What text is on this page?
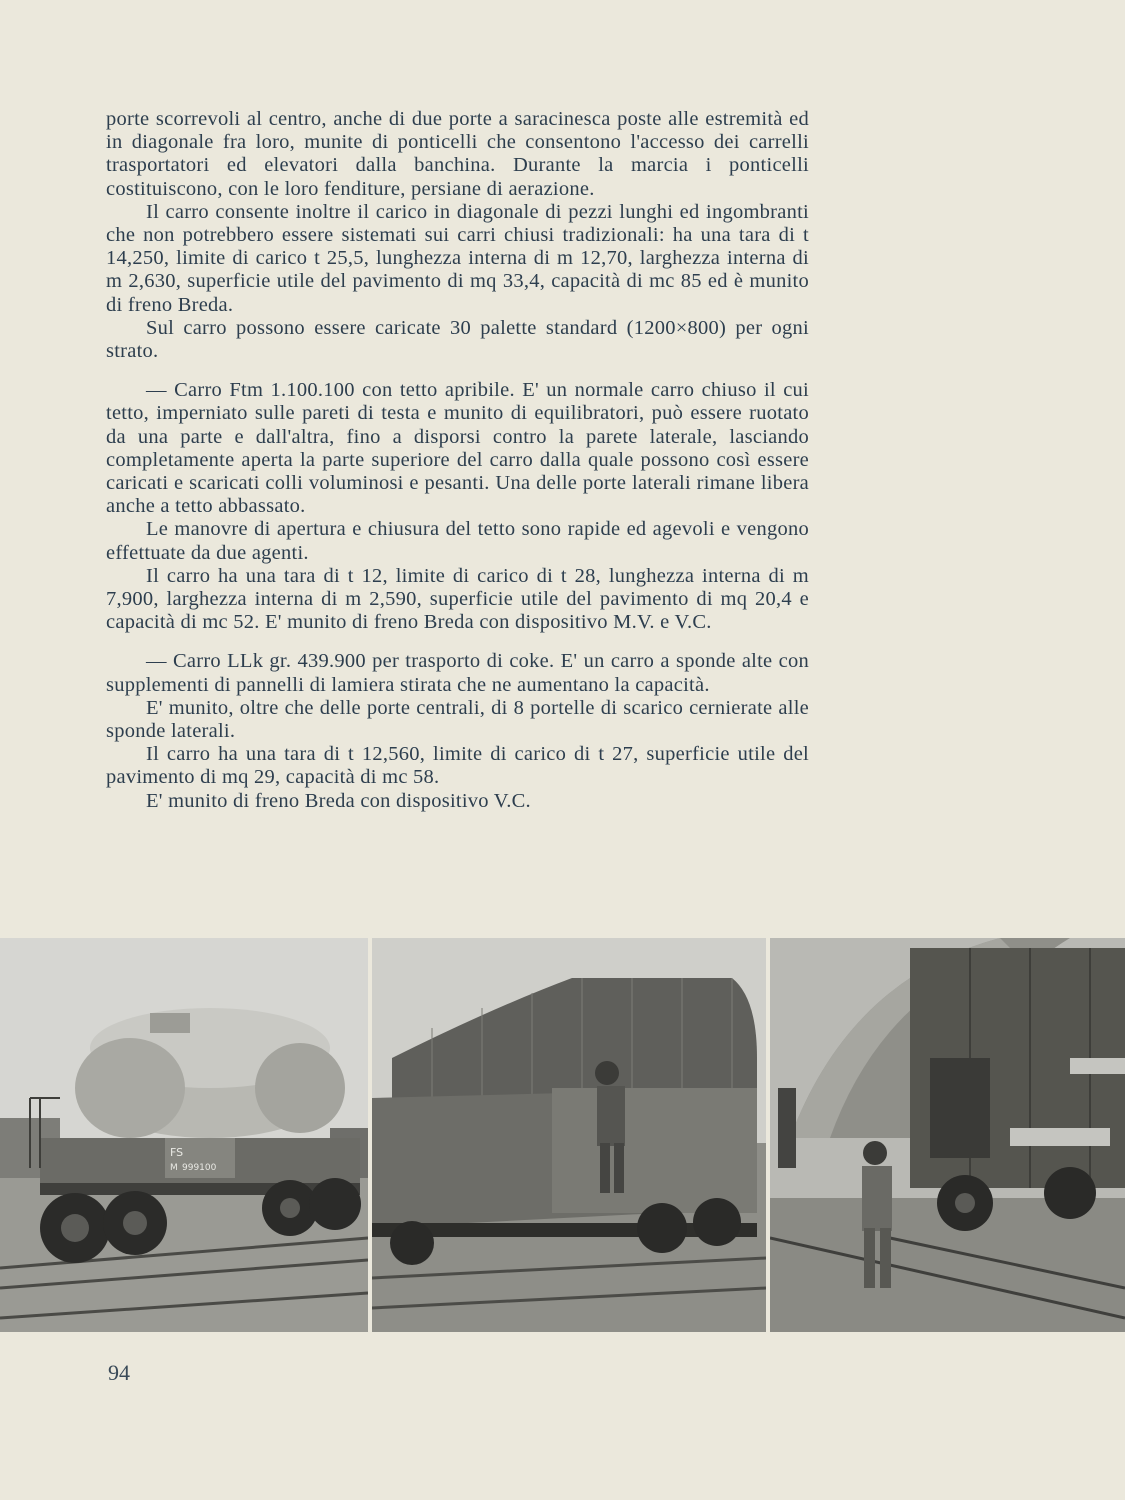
porte scorrevoli al centro, anche di due porte a saracinesca poste alle estremità ed in diagonale fra loro, munite di ponticelli che consentono l'accesso dei carrelli trasportatori ed elevatori dalla banchina. Durante la marcia i ponticelli costituiscono, con le loro fenditure, persiane di aerazione.

Il carro consente inoltre il carico in diagonale di pezzi lunghi ed ingombranti che non potrebbero essere sistemati sui carri chiusi tradizionali: ha una tara di t 14,250, limite di carico t 25,5, lunghezza interna di m 12,70, larghezza interna di m 2,630, superficie utile del pavimento di mq 33,4, capacità di mc 85 ed è munito di freno Breda.

Sul carro possono essere caricate 30 palette standard (1200×800) per ogni strato.

— Carro Ftm 1.100.100 con tetto apribile. E' un normale carro chiuso il cui tetto, imperniato sulle pareti di testa e munito di equilibratori, può essere ruotato da una parte e dall'altra, fino a disporsi contro la parete laterale, lasciando completamente aperta la parte superiore del carro dalla quale possono così essere caricati e scaricati colli voluminosi e pesanti. Una delle porte laterali rimane libera anche a tetto abbassato.

Le manovre di apertura e chiusura del tetto sono rapide ed agevoli e vengono effettuate da due agenti.

Il carro ha una tara di t 12, limite di carico di t 28, lunghezza interna di m 7,900, larghezza interna di m 2,590, superficie utile del pavimento di mq 20,4 e capacità di mc 52. E' munito di freno Breda con dispositivo M.V. e V.C.

— Carro LLk gr. 439.900 per trasporto di coke. E' un carro a sponde alte con supplementi di pannelli di lamiera stirata che ne aumentano la capacità.

E' munito, oltre che delle porte centrali, di 8 portelle di scarico cernierate alle sponde laterali.

Il carro ha una tara di t 12,560, limite di carico di t 27, superficie utile del pavimento di mq 29, capacità di mc 58.

E' munito di freno Breda con dispositivo V.C.

FS
M 999100
94
